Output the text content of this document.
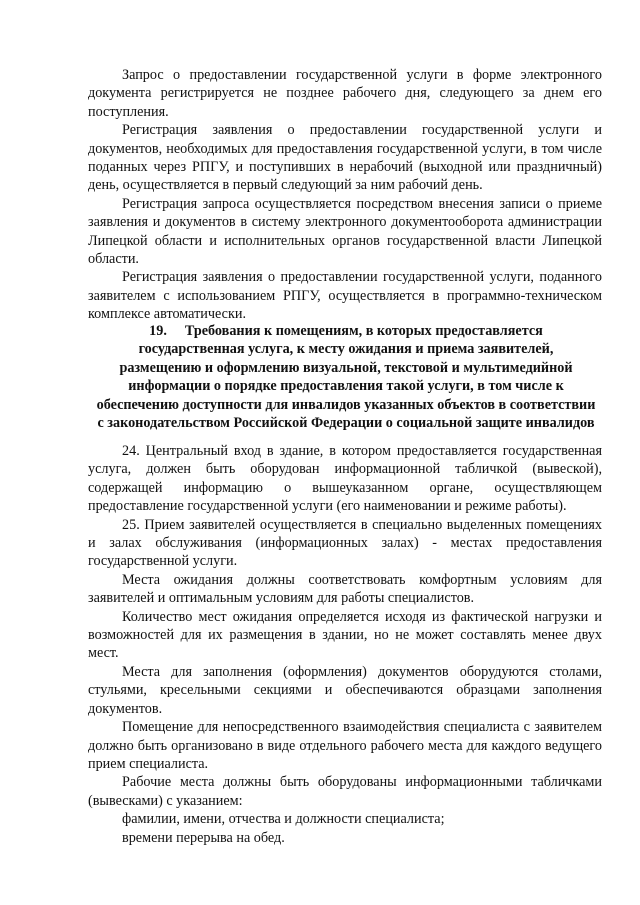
Запрос о предоставлении государственной услуги в форме электронного документа регистрируется не позднее рабочего дня, следующего за днем его поступления.

Регистрация заявления о предоставлении государственной услуги и документов, необходимых для предоставления государственной услуги, в том числе поданных через РПГУ, и поступивших в нерабочий (выходной или праздничный) день, осуществляется в первый следующий за ним рабочий день.

Регистрация запроса осуществляется посредством внесения записи о приеме заявления и документов в систему электронного документооборота администрации Липецкой области и исполнительных органов государственной власти Липецкой области.

Регистрация заявления о предоставлении государственной услуги, поданного заявителем с использованием РПГУ, осуществляется в программно-техническом комплексе автоматически.

19. Требования к помещениям, в которых предоставляется
государственная услуга, к месту ожидания и приема заявителей,
размещению и оформлению визуальной, текстовой и мультимедийной
информации о порядке предоставления такой услуги, в том числе к
обеспечению доступности для инвалидов указанных объектов в соответствии
с законодательством Российской Федерации о социальной защите инвалидов

24. Центральный вход в здание, в котором предоставляется государственная услуга, должен быть оборудован информационной табличкой (вывеской), содержащей информацию о вышеуказанном органе, осуществляющем предоставление государственной услуги (его наименовании и режиме работы).

25. Прием заявителей осуществляется в специально выделенных помещениях и залах обслуживания (информационных залах) - местах предоставления государственной услуги.

Места ожидания должны соответствовать комфортным условиям для заявителей и оптимальным условиям для работы специалистов.

Количество мест ожидания определяется исходя из фактической нагрузки и возможностей для их размещения в здании, но не может составлять менее двух мест.

Места для заполнения (оформления) документов оборудуются столами, стульями, кресельными секциями и обеспечиваются образцами заполнения документов.

Помещение для непосредственного взаимодействия специалиста с заявителем должно быть организовано в виде отдельного рабочего места для каждого ведущего прием специалиста.

Рабочие места должны быть оборудованы информационными табличками (вывесками) с указанием:

фамилии, имени, отчества и должности специалиста;

времени перерыва на обед.
